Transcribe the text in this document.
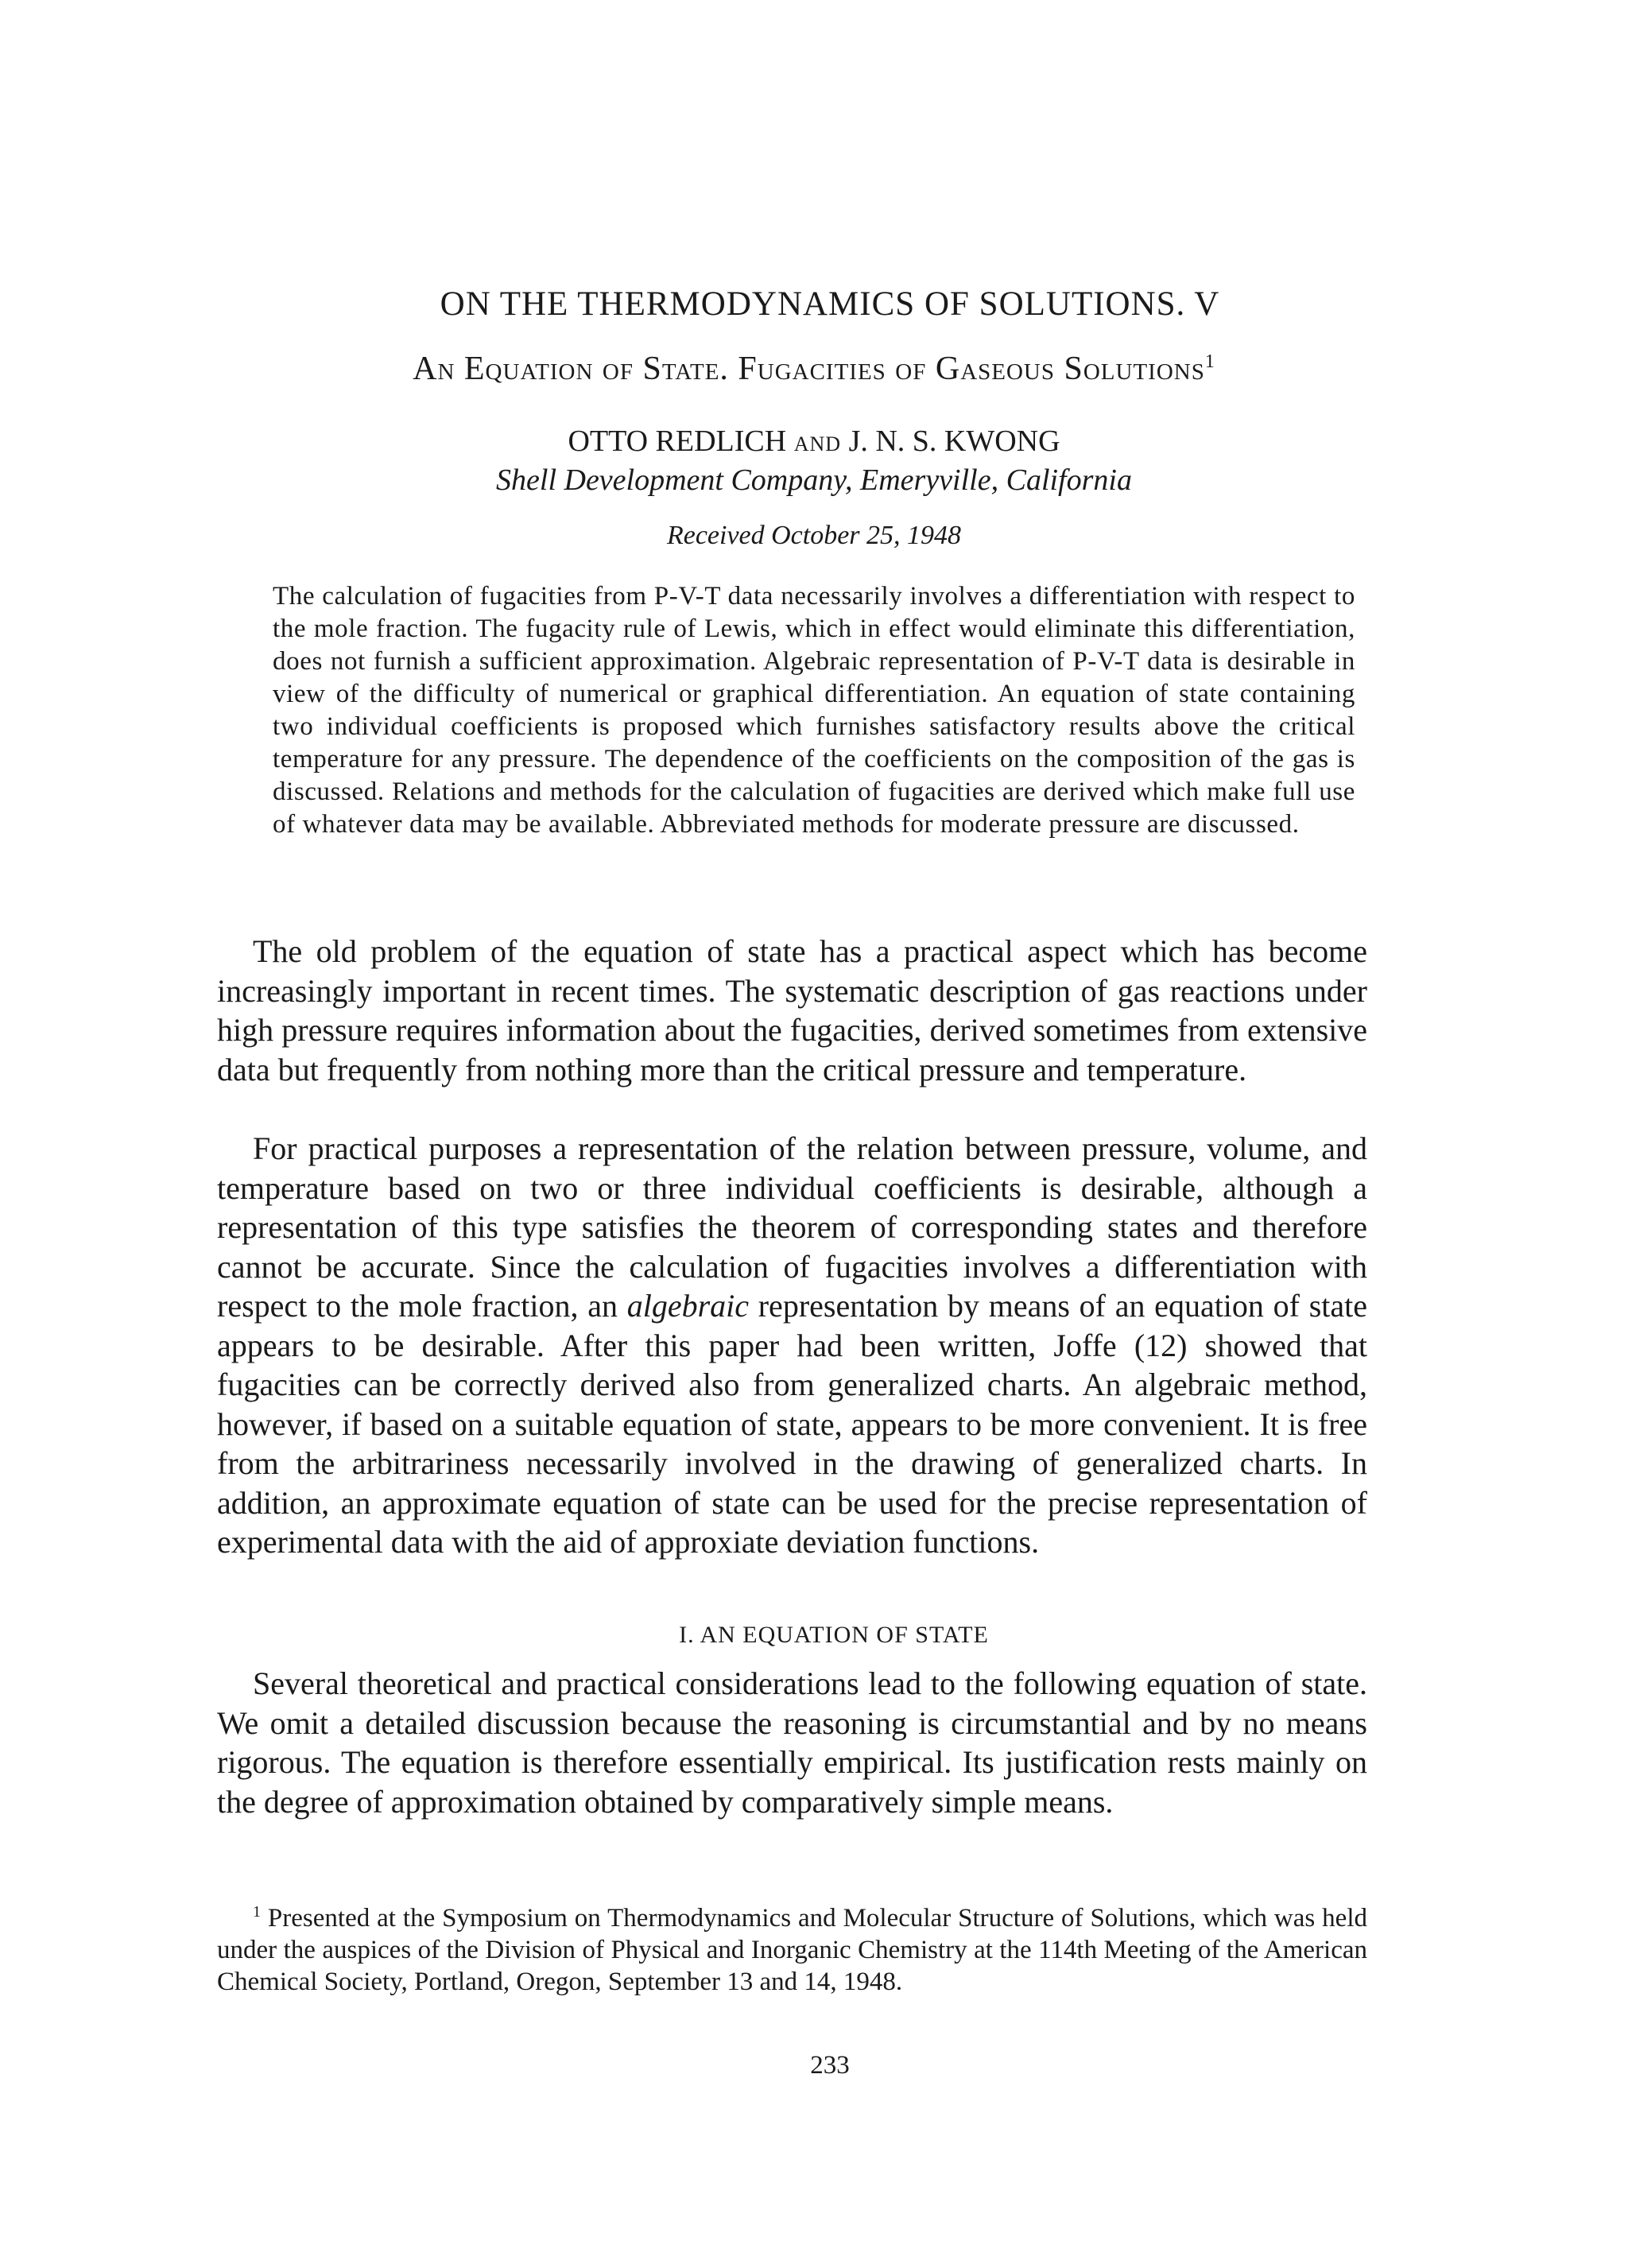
ON THE THERMODYNAMICS OF SOLUTIONS. V
An Equation of State. Fugacities of Gaseous Solutions$^1$
OTTO REDLICH AND J. N. S. KWONG
Shell Development Company, Emeryville, California
Received October 25, 1948
The calculation of fugacities from P-V-T data necessarily involves a differentiation with respect to the mole fraction. The fugacity rule of Lewis, which in effect would eliminate this differentiation, does not furnish a sufficient approximation. Algebraic representation of P-V-T data is desirable in view of the difficulty of numerical or graphical differentiation. An equation of state containing two individual coefficients is proposed which furnishes satisfactory results above the critical temperature for any pressure. The dependence of the coefficients on the composition of the gas is discussed. Relations and methods for the calculation of fugacities are derived which make full use of whatever data may be available. Abbreviated methods for moderate pressure are discussed.

The old problem of the equation of state has a practical aspect which has become increasingly important in recent times. The systematic description of gas reactions under high pressure requires information about the fugacities, derived sometimes from extensive data but frequently from nothing more than the critical pressure and temperature.

For practical purposes a representation of the relation between pressure, volume, and temperature based on two or three individual coefficients is desirable, although a representation of this type satisfies the theorem of corresponding states and therefore cannot be accurate. Since the calculation of fugacities involves a differentiation with respect to the mole fraction, an algebraic representation by means of an equation of state appears to be desirable. After this paper had been written, Joffe (12) showed that fugacities can be correctly derived also from generalized charts. An algebraic method, however, if based on a suitable equation of state, appears to be more convenient. It is free from the arbitrariness necessarily involved in the drawing of generalized charts. In addition, an approximate equation of state can be used for the precise representation of experimental data with the aid of approxiate deviation functions.

I. AN EQUATION OF STATE

Several theoretical and practical considerations lead to the following equation of state. We omit a detailed discussion because the reasoning is circumstantial and by no means rigorous. The equation is therefore essentially empirical. Its justification rests mainly on the degree of approximation obtained by comparatively simple means.

$^1$ Presented at the Symposium on Thermodynamics and Molecular Structure of Solutions, which was held under the auspices of the Division of Physical and Inorganic Chemistry at the 114th Meeting of the American Chemical Society, Portland, Oregon, September 13 and 14, 1948.

233
